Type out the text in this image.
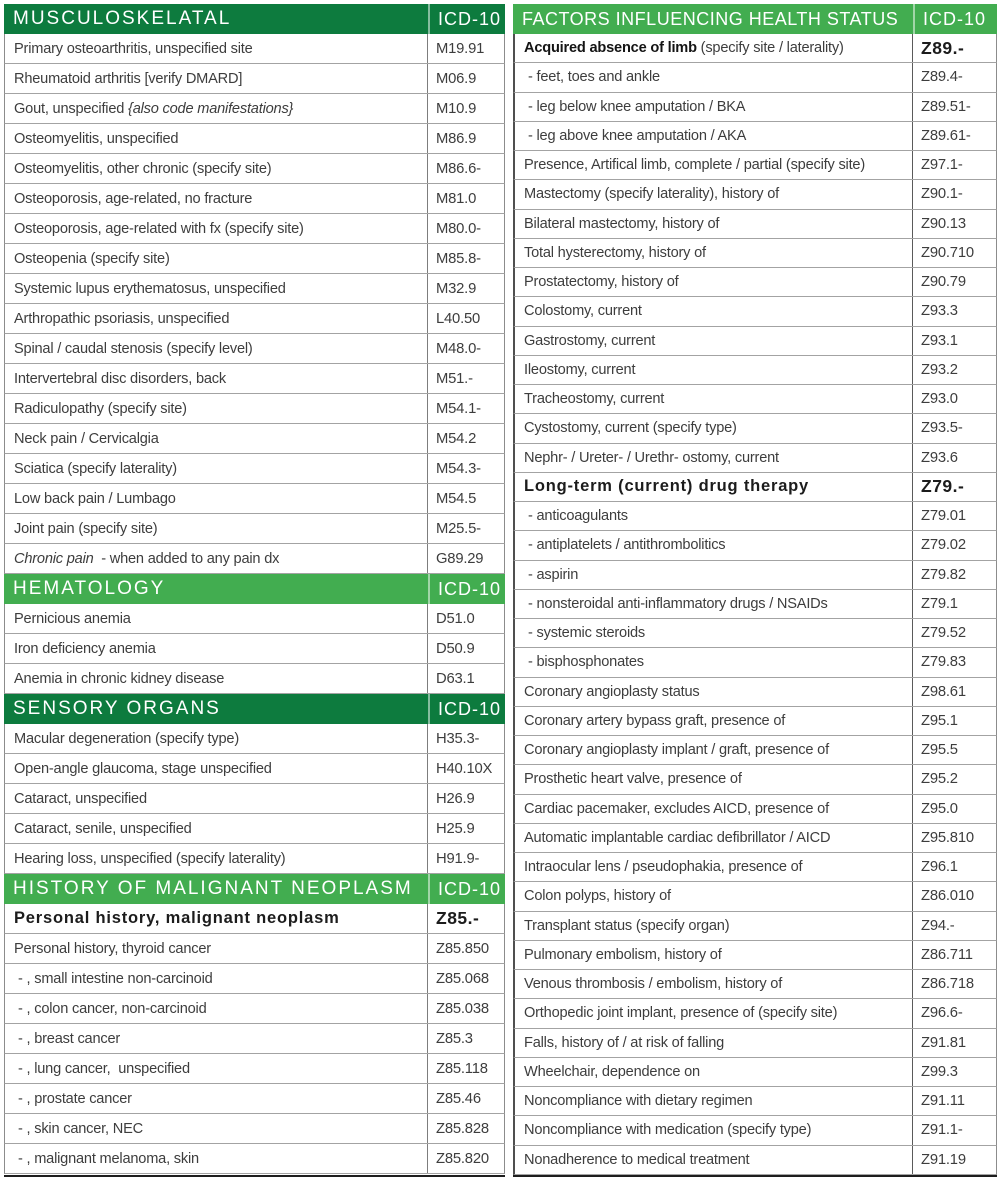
MUSCULOSKELATAL	ICD-10
Primary osteoarthritis, unspecified site	M19.91
Rheumatoid arthritis [verify DMARD]	M06.9
Gout, unspecified {also code manifestations}	M10.9
Osteomyelitis, unspecified	M86.9
Osteomyelitis, other chronic (specify site)	M86.6-
Osteoporosis, age-related, no fracture	M81.0
Osteoporosis, age-related with fx (specify site)	M80.0-
Osteopenia (specify site)	M85.8-
Systemic lupus erythematosus, unspecified	M32.9
Arthropathic psoriasis, unspecified	L40.50
Spinal / caudal stenosis (specify level)	M48.0-
Intervertebral disc disorders, back	M51.-
Radiculopathy (specify site)	M54.1-
Neck pain / Cervicalgia	M54.2
Sciatica (specify laterality)	M54.3-
Low back pain / Lumbago	M54.5
Joint pain (specify site)	M25.5-
Chronic pain - when added to any pain dx	G89.29
HEMATOLOGY	ICD-10
Pernicious anemia	D51.0
Iron deficiency anemia	D50.9
Anemia in chronic kidney disease	D63.1
SENSORY ORGANS	ICD-10
Macular degeneration (specify type)	H35.3-
Open-angle glaucoma, stage unspecified	H40.10X
Cataract, unspecified	H26.9
Cataract, senile, unspecified	H25.9
Hearing loss, unspecified (specify laterality)	H91.9-
HISTORY OF MALIGNANT NEOPLASM	ICD-10
Personal history, malignant neoplasm	Z85.-
Personal history, thyroid cancer	Z85.850
- , small intestine non-carcinoid	Z85.068
- , colon cancer, non-carcinoid	Z85.038
- , breast cancer	Z85.3
- , lung cancer,  unspecified	Z85.118
- , prostate cancer	Z85.46
- , skin cancer, NEC	Z85.828
- , malignant melanoma, skin	Z85.820
FACTORS INFLUENCING HEALTH STATUS	ICD-10
Acquired absence of limb (specify site / laterality)	Z89.-
- feet, toes and ankle	Z89.4-
- leg below knee amputation / BKA	Z89.51-
- leg above knee amputation / AKA	Z89.61-
Presence, Artifical limb, complete / partial (specify site)	Z97.1-
Mastectomy (specify laterality), history of	Z90.1-
Bilateral mastectomy, history of	Z90.13
Total hysterectomy, history of	Z90.710
Prostatectomy, history of	Z90.79
Colostomy, current	Z93.3
Gastrostomy, current	Z93.1
Ileostomy, current	Z93.2
Tracheostomy, current	Z93.0
Cystostomy, current (specify type)	Z93.5-
Nephr- / Ureter- / Urethr- ostomy, current	Z93.6
Long-term (current) drug therapy	Z79.-
- anticoagulants	Z79.01
- antiplatelets / antithrombolitics	Z79.02
- aspirin	Z79.82
- nonsteroidal anti-inflammatory drugs / NSAIDs	Z79.1
- systemic steroids	Z79.52
- bisphosphonates	Z79.83
Coronary angioplasty status	Z98.61
Coronary artery bypass graft, presence of	Z95.1
Coronary angioplasty implant / graft, presence of	Z95.5
Prosthetic heart valve, presence of	Z95.2
Cardiac pacemaker, excludes AICD, presence of	Z95.0
Automatic implantable cardiac defibrillator / AICD	Z95.810
Intraocular lens / pseudophakia, presence of	Z96.1
Colon polyps, history of	Z86.010
Transplant status (specify organ)	Z94.-
Pulmonary embolism, history of	Z86.711
Venous thrombosis / embolism, history of	Z86.718
Orthopedic joint implant, presence of (specify site)	Z96.6-
Falls, history of / at risk of falling	Z91.81
Wheelchair, dependence on	Z99.3
Noncompliance with dietary regimen	Z91.11
Noncompliance with medication (specify type)	Z91.1-
Nonadherence to medical treatment	Z91.19
